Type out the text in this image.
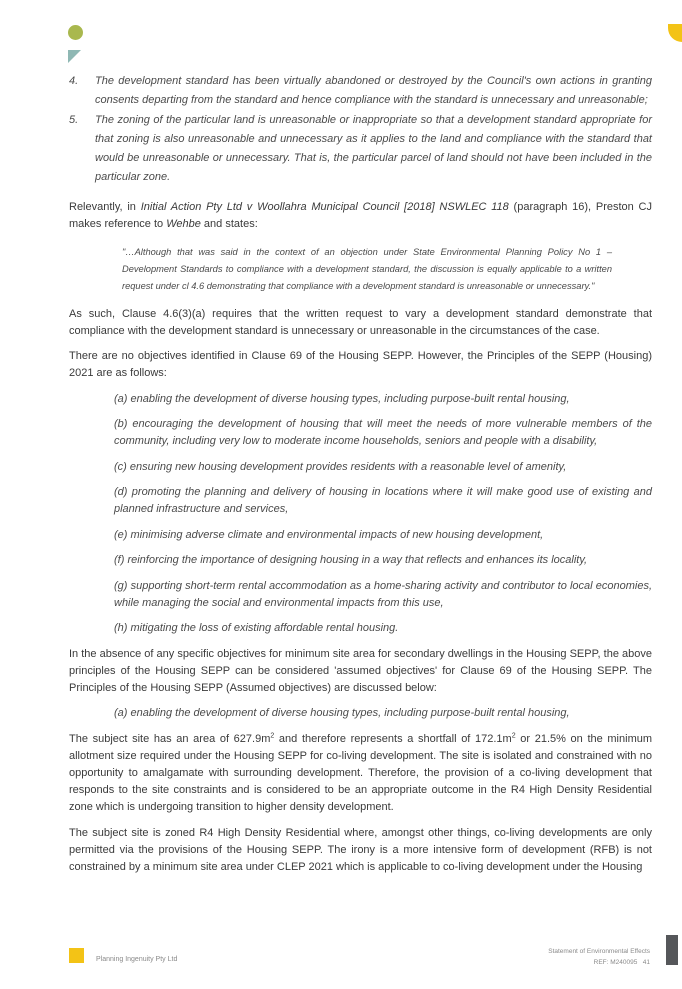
4.	The development standard has been virtually abandoned or destroyed by the Council's own actions in granting consents departing from the standard and hence compliance with the standard is unnecessary and unreasonable;
5.	The zoning of the particular land is unreasonable or inappropriate so that a development standard appropriate for that zoning is also unreasonable and unnecessary as it applies to the land and compliance with the standard that would be unreasonable or unnecessary. That is, the particular parcel of land should not have been included in the particular zone.

Relevantly, in Initial Action Pty Ltd v Woollahra Municipal Council [2018] NSWLEC 118 (paragraph 16), Preston CJ makes reference to Wehbe and states:

"…Although that was said in the context of an objection under State Environmental Planning Policy No 1 – Development Standards to compliance with a development standard, the discussion is equally applicable to a written request under cl 4.6 demonstrating that compliance with a development standard is unreasonable or unnecessary."

As such, Clause 4.6(3)(a) requires that the written request to vary a development standard demonstrate that compliance with the development standard is unnecessary or unreasonable in the circumstances of the case.

There are no objectives identified in Clause 69 of the Housing SEPP. However, the Principles of the SEPP (Housing) 2021 are as follows:

(a) enabling the development of diverse housing types, including purpose-built rental housing,
(b) encouraging the development of housing that will meet the needs of more vulnerable members of the community, including very low to moderate income households, seniors and people with a disability,
(c) ensuring new housing development provides residents with a reasonable level of amenity,
(d) promoting the planning and delivery of housing in locations where it will make good use of existing and planned infrastructure and services,
(e) minimising adverse climate and environmental impacts of new housing development,
(f) reinforcing the importance of designing housing in a way that reflects and enhances its locality,
(g) supporting short-term rental accommodation as a home-sharing activity and contributor to local economies, while managing the social and environmental impacts from this use,
(h) mitigating the loss of existing affordable rental housing.

In the absence of any specific objectives for minimum site area for secondary dwellings in the Housing SEPP, the above principles of the Housing SEPP can be considered 'assumed objectives' for Clause 69 of the Housing SEPP. The Principles of the Housing SEPP (Assumed objectives) are discussed below:

(a) enabling the development of diverse housing types, including purpose-built rental housing,

The subject site has an area of $627.9m^2$ and therefore represents a shortfall of $172.1m^2$ or 21.5% on the minimum allotment size required under the Housing SEPP for co-living development. The site is isolated and constrained with no opportunity to amalgamate with surrounding development. Therefore, the provision of a co-living development that responds to the site constraints and is considered to be an appropriate outcome in the R4 High Density Residential zone which is undergoing transition to higher density development.

The subject site is zoned R4 High Density Residential where, amongst other things, co-living developments are only permitted via the provisions of the Housing SEPP. The irony is a more intensive form of development (RFB) is not constrained by a minimum site area under CLEP 2021 which is applicable to co-living development under the Housing

Planning Ingenuity Pty Ltd
Statement of Environmental Effects
REF: M240095 41
